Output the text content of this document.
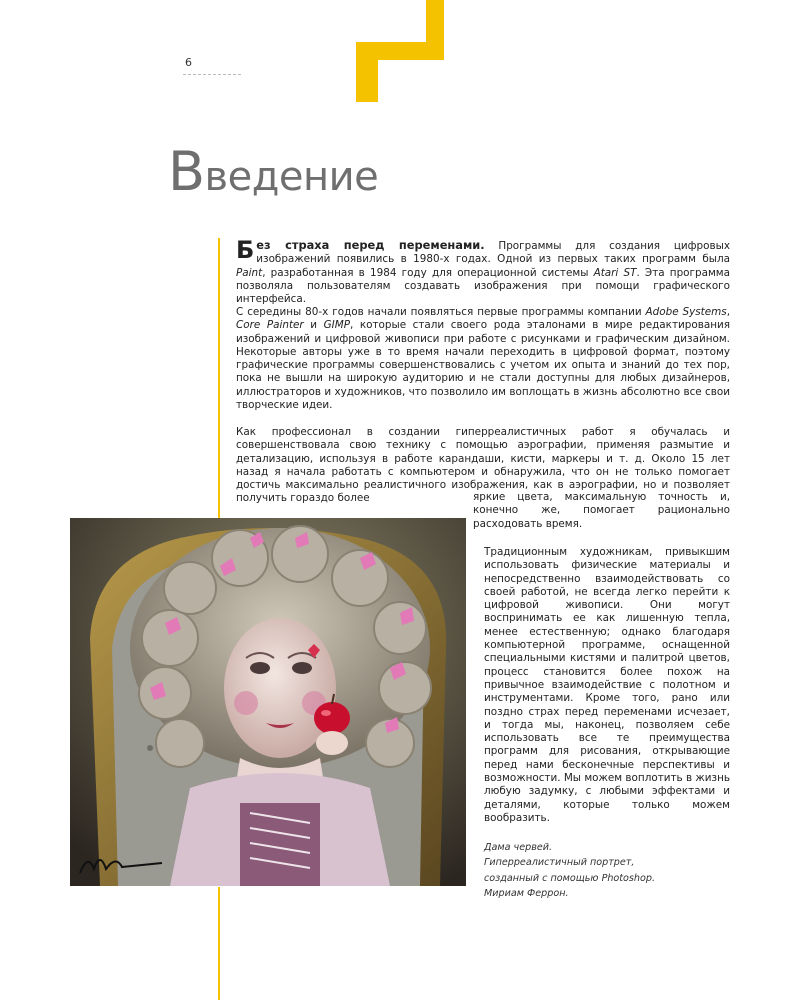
6
Введение

Без страха перед переменами. Программы для создания цифровых изображений появились в 1980-х годах. Одной из первых таких программ была Paint, разработанная в 1984 году для операционной системы Atari ST. Эта программа позволяла пользователям создавать изображения при помощи графического интерфейса.

С середины 80-х годов начали появляться первые программы компании Adobe Systems, Core Painter и GIMP, которые стали своего рода эталонами в мире редактирования изображений и цифровой живописи при работе с рисунками и графическим дизайном. Некоторые авторы уже в то время начали переходить в цифровой формат, поэтому графические программы совершенствовались с учетом их опыта и знаний до тех пор, пока не вышли на широкую аудиторию и не стали доступны для любых дизайнеров, иллюстраторов и художников, что позволило им воплощать в жизнь абсолютно все свои творческие идеи.

Как профессионал в создании гиперреалистичных работ я обучалась и совершенствовала свою технику с помощью аэрографии, применяя размытие и детализацию, используя в работе карандаши, кисти, маркеры и т. д. Около 15 лет назад я начала работать с компьютером и обнаружила, что он не только помогает достичь максимально реалистичного изображения, как в аэрографии, но и позволяет получить гораздо более	яркие цвета, максимальную точность и, конечно же, помогает рационально расходовать время.

Традиционным художникам, привыкшим использовать физические материалы и непосредственно взаимодействовать со своей работой, не всегда легко перейти к цифровой живописи. Они могут воспринимать ее как лишенную тепла, менее естественную; однако благодаря компьютерной программе, оснащенной специальными кистями и палитрой цветов, процесс становится более похож на привычное взаимодействие с полотном и инструментами. Кроме того, рано или поздно страх перед переменами исчезает, и тогда мы, наконец, позволяем себе использовать все те преимущества программ для рисования, открывающие перед нами бесконечные перспективы и возможности. Мы можем воплотить в жизнь любую задумку, с любыми эффектами и деталями, которые только можем вообразить.

Дама червей.
Гиперреалистичный портрет,
созданный с помощью Photoshop.
Мириам Феррон.
